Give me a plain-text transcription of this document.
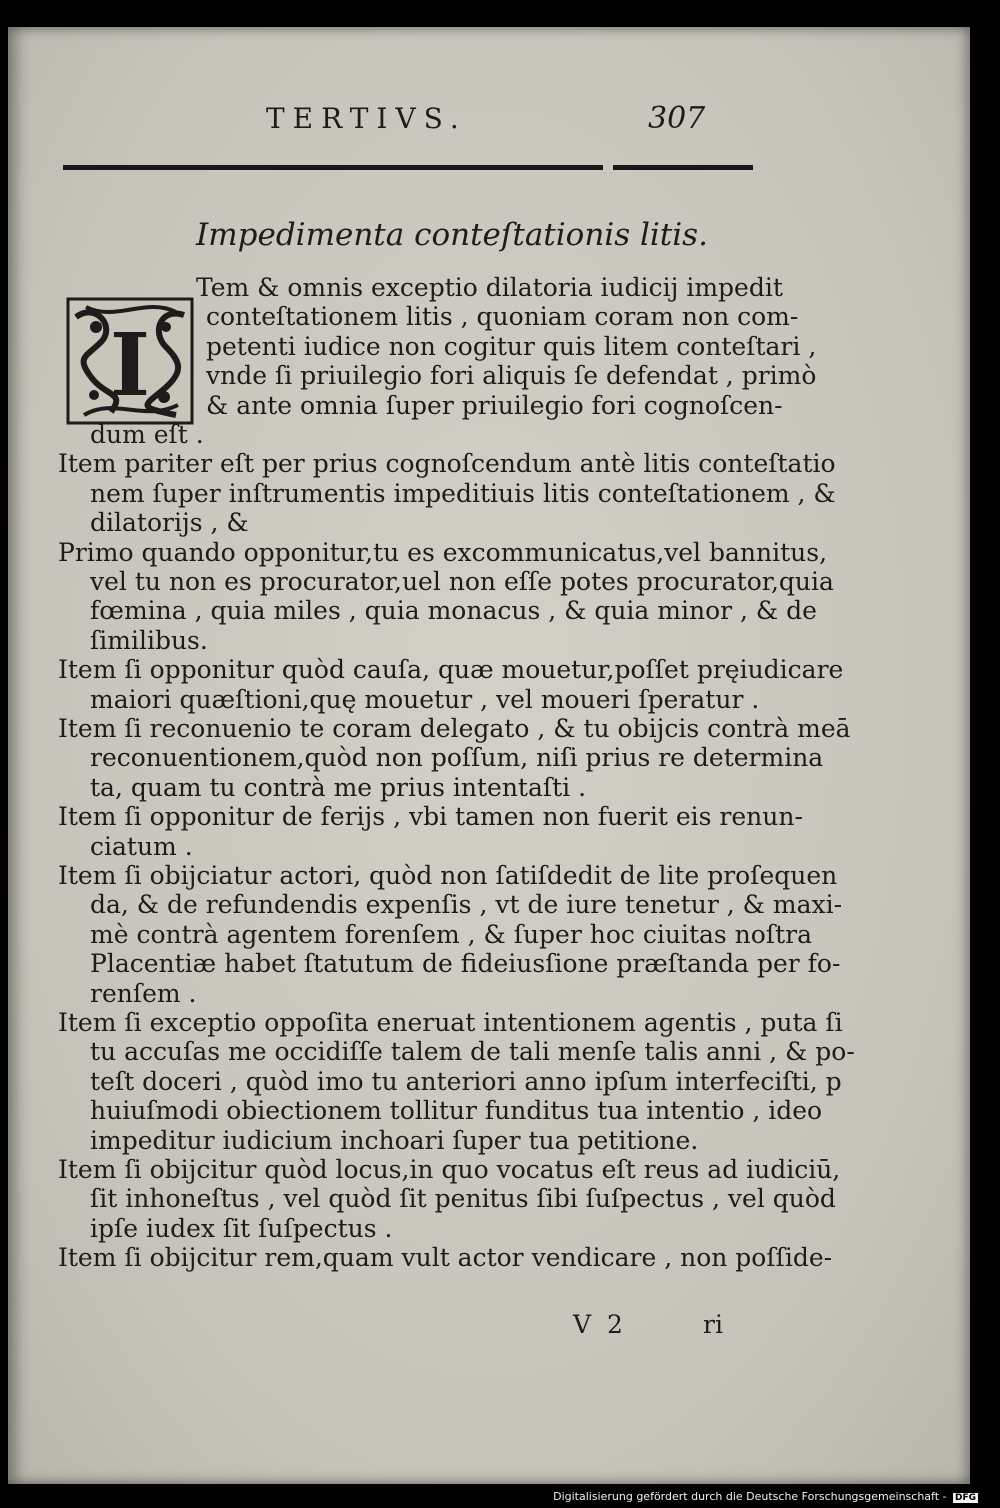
TERTIVS.	307
Impedimenta conteſtationis litis.
I
Tem & omnis exceptio dilatoria iudicij impedit
conteſtationem litis , quoniam coram non com-
petenti iudice non cogitur quis litem conteſtari ,
vnde ſi priuilegio fori aliquis ſe defendat , primò
& ante omnia ſuper priuilegio fori cognoſcen-
dum eſt .
Item pariter eſt per prius cognoſcendum antè litis conteſtatio
nem ſuper inſtrumentis impeditiuis litis conteſtationem , &
dilatorijs , &
Primo quando opponitur,tu es excommunicatus,vel bannitus,
vel tu non es procurator,uel non eſſe potes procurator,quia
fœmina , quia miles , quia monacus , & quia minor , & de
ſimilibus.
Item ſi opponitur quòd cauſa, quæ mouetur,poſſet pręiudicare
maiori quæſtioni,quę mouetur , vel moueri ſperatur .
Item ſi reconuenio te coram delegato , & tu obijcis contrà meā
reconuentionem,quòd non poſſum, niſi prius re determina
ta, quam tu contrà me prius intentaſti .
Item ſi opponitur de ferijs , vbi tamen non fuerit eis renun-
ciatum .
Item ſi obijciatur actori, quòd non ſatiſdedit de lite proſequen
da, & de refundendis expenſis , vt de iure tenetur , & maxi-
mè contrà agentem forenſem , & ſuper hoc ciuitas noſtra
Placentiæ habet ſtatutum de fideiusſione præſtanda per fo-
renſem .
Item ſi exceptio oppoſita eneruat intentionem agentis , puta ſi
tu accuſas me occidiſſe talem de tali menſe talis anni , & po-
teſt doceri , quòd imo tu anteriori anno ipſum interfeciſti, p
huiuſmodi obiectionem tollitur funditus tua intentio , ideo
impeditur iudicium inchoari ſuper tua petitione.
Item ſi obijcitur quòd locus,in quo vocatus eſt reus ad iudiciū,
ſit inhoneſtus , vel quòd ſit penitus ſibi ſuſpectus , vel quòd
ipſe iudex ſit ſuſpectus .
Item ſi obijcitur rem,quam vult actor vendicare , non poſſide-
V 2	ri
Digitalisierung gefördert durch die Deutsche Forschungsgemeinschaft - DFG
